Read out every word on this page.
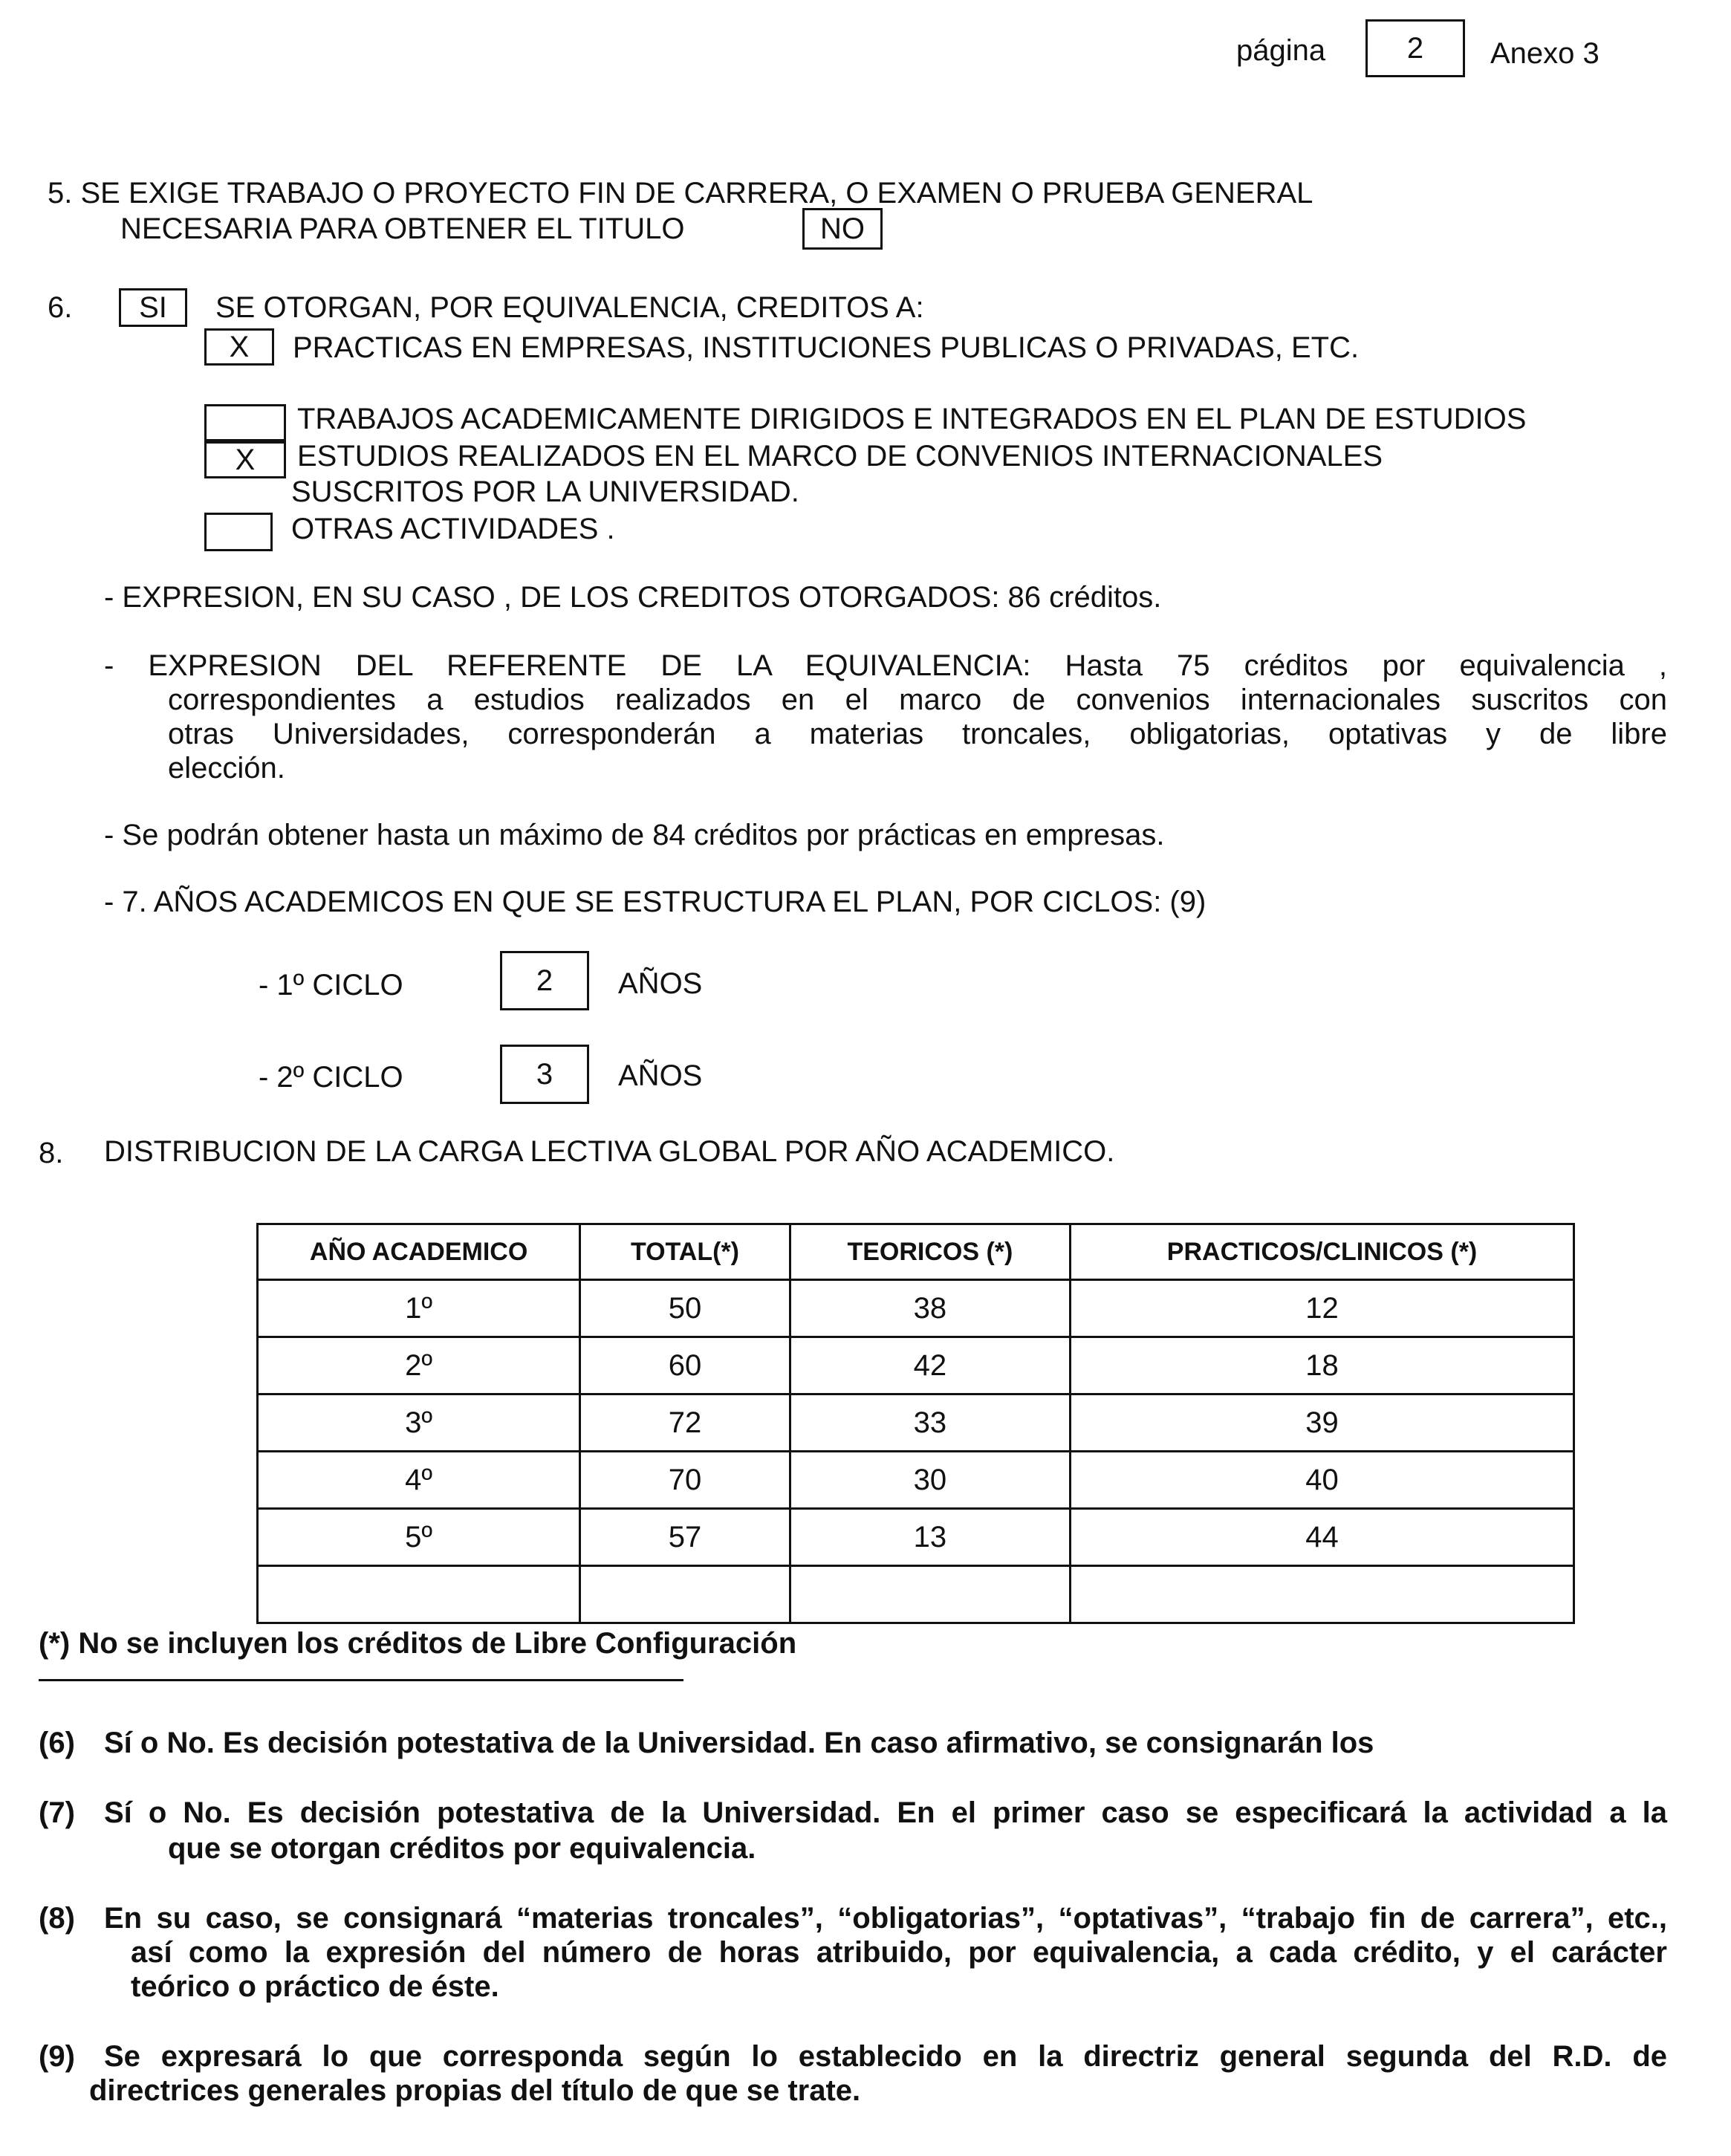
página	2	Anexo 3
5. SE EXIGE TRABAJO O PROYECTO FIN DE CARRERA, O EXAMEN O PRUEBA GENERAL
NECESARIA PARA OBTENER EL TITULO	NO
6.	SI	SE OTORGAN, POR EQUIVALENCIA, CREDITOS A:
X	PRACTICAS EN EMPRESAS, INSTITUCIONES PUBLICAS O PRIVADAS, ETC.
TRABAJOS ACADEMICAMENTE DIRIGIDOS E INTEGRADOS EN EL PLAN DE ESTUDIOS
X	ESTUDIOS REALIZADOS EN EL MARCO DE CONVENIOS INTERNACIONALES
SUSCRITOS POR LA UNIVERSIDAD.
OTRAS ACTIVIDADES .
- EXPRESION, EN SU CASO , DE LOS CREDITOS OTORGADOS: 86 créditos.
- EXPRESION DEL REFERENTE DE LA EQUIVALENCIA: Hasta 75 créditos por equivalencia ,
correspondientes a estudios realizados en el marco de convenios internacionales suscritos con
otras Universidades, corresponderán a materias troncales, obligatorias, optativas y de libre
elección.
- Se podrán obtener hasta un máximo de 84 créditos por prácticas en empresas.
- 7. AÑOS ACADEMICOS EN QUE SE ESTRUCTURA EL PLAN, POR CICLOS: (9)
- 1º CICLO	2	AÑOS
- 2º CICLO	3	AÑOS
8. DISTRIBUCION DE LA CARGA LECTIVA GLOBAL POR AÑO ACADEMICO.
AÑO ACADEMICO	TOTAL(*)	TEORICOS (*)	PRACTICOS/CLINICOS (*)
1º	50	38	12
2º	60	42	18
3º	72	33	39
4º	70	30	40
5º	57	13	44

(*) No se incluyen los créditos de Libre Configuración
(6) Sí o No. Es decisión potestativa de la Universidad. En caso afirmativo, se consignarán los
(7) Sí o No. Es decisión potestativa de la Universidad. En el primer caso se especificará la actividad a la
que se otorgan créditos por equivalencia.
(8) En su caso, se consignará “materias troncales”, “obligatorias”, “optativas”, “trabajo fin de carrera”, etc.,
así como la expresión del número de horas atribuido, por equivalencia, a cada crédito, y el carácter
teórico o práctico de éste.
(9) Se expresará lo que corresponda según lo establecido en la directriz general segunda del R.D. de
directrices generales propias del título de que se trate.
